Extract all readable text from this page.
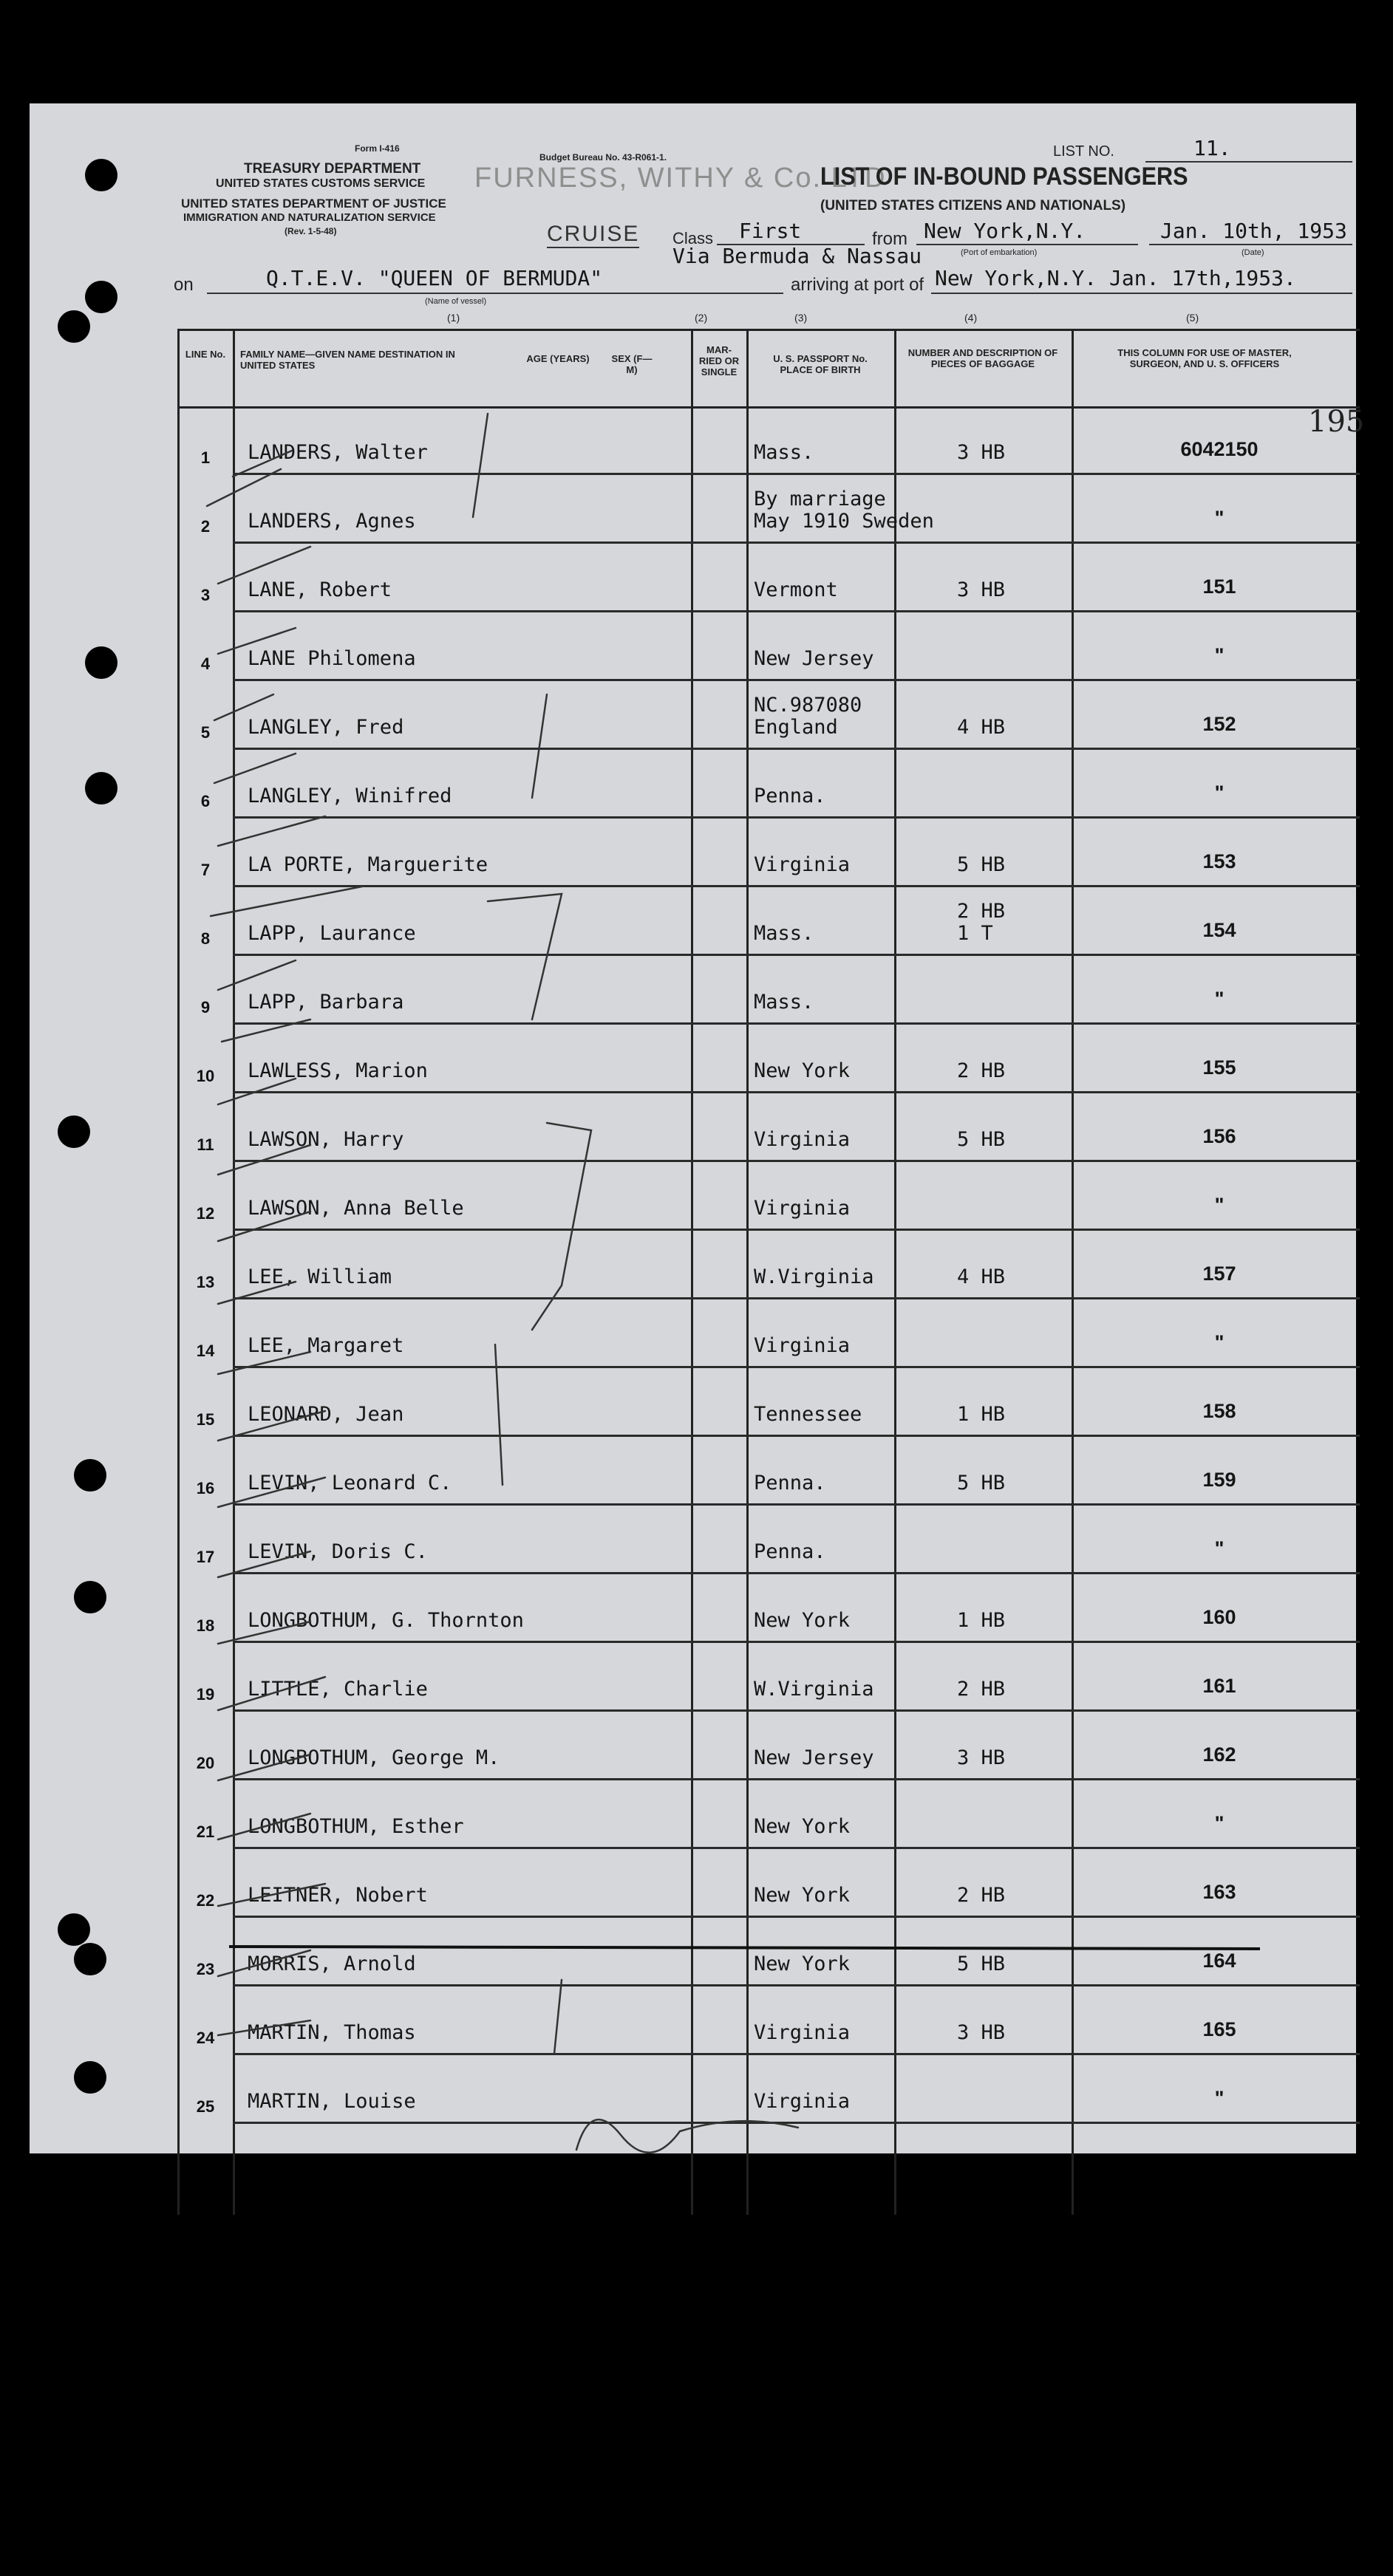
Form I-416
TREASURY DEPARTMENT
UNITED STATES CUSTOMS SERVICE
UNITED STATES DEPARTMENT OF JUSTICE
IMMIGRATION AND NATURALIZATION SERVICE
(Rev. 1-5-48)
Budget Bureau No. 43-R061-1.
FURNESS, WITHY & Co. LTD
LIST NO.	11.
LIST OF IN-BOUND PASSENGERS
(UNITED STATES CITIZENS AND NATIONALS)
CRUISE Class First	from New York,N.Y.
(Port of embarkation)
Jan. 10th, 1953
(Date)
Via Bermuda & Nassau
on	Q.T.E.V. "QUEEN OF BERMUDA"
(Name of vessel)
arriving at port of New York,N.Y. Jan. 17th,1953.
(1)	(2)	(3)	(4)	(5)
LINE No. FAMILY NAME—GIVEN NAME DESTINATION IN UNITED STATES
AGE (YEARS)	SEX (F—M)
MAR- RIED OR SINGLE
U. S. PASSPORT No. PLACE OF BIRTH
NUMBER AND DESCRIPTION OF PIECES OF BAGGAGE
THIS COLUMN FOR USE OF MASTER, SURGEON, AND U. S. OFFICERS
1	LANDERS, Walter	Mass.	3 HB	6042150
2	LANDERS, Agnes
By marriage
May 1910 Sweden	"
3	LANE, Robert	Vermont	3 HB	151
4	LANE Philomena	New Jersey	"
5	LANGLEY, Fred
NC.987080
England	4 HB	152
6	LANGLEY, Winifred	Penna.	"
7	LA PORTE, Marguerite	Virginia	5 HB	153
8	LAPP, Laurance	Mass.
2 HB
1 T	154
9	LAPP, Barbara	Mass.	"
10	LAWLESS, Marion	New York	2 HB	155
11	LAWSON, Harry	Virginia	5 HB	156
12	LAWSON, Anna Belle	Virginia	"
13	LEE, William	W.Virginia	4 HB	157
14	LEE, Margaret	Virginia	"
15	LEONARD, Jean	Tennessee	1 HB	158
16	LEVIN, Leonard C.	Penna.	5 HB	159
17	LEVIN, Doris C.	Penna.	"
18	LONGBOTHUM, G. Thornton	New York	1 HB	160
19	LITTLE, Charlie	W.Virginia	2 HB	161
20	LONGBOTHUM, George M.	New Jersey	3 HB	162
21	LONGBOTHUM, Esther	New York	"
22	LEITNER, Nobert	New York	2 HB	163
23	MORRIS, Arnold	New York	5 HB	164
24	MARTIN, Thomas	Virginia	3 HB	165
25	MARTIN, Louise	Virginia	"
195
